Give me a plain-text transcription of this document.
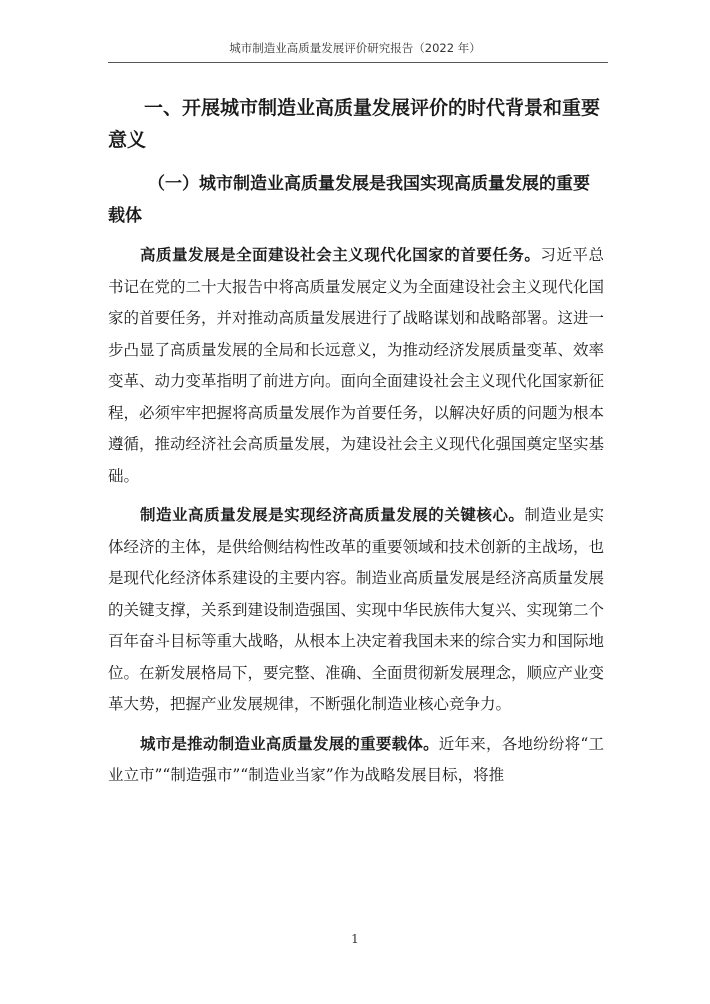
城市制造业高质量发展评价研究报告（2022 年）
一、开展城市制造业高质量发展评价的时代背景和重要意义
（一）城市制造业高质量发展是我国实现高质量发展的重要载体

高质量发展是全面建设社会主义现代化国家的首要任务。习近平总书记在党的二十大报告中将高质量发展定义为全面建设社会主义现代化国家的首要任务，并对推动高质量发展进行了战略谋划和战略部署。这进一步凸显了高质量发展的全局和长远意义，为推动经济发展质量变革、效率变革、动力变革指明了前进方向。面向全面建设社会主义现代化国家新征程，必须牢牢把握将高质量发展作为首要任务，以解决好质的问题为根本遵循，推动经济社会高质量发展，为建设社会主义现代化强国奠定坚实基础。

制造业高质量发展是实现经济高质量发展的关键核心。制造业是实体经济的主体，是供给侧结构性改革的重要领域和技术创新的主战场，也是现代化经济体系建设的主要内容。制造业高质量发展是经济高质量发展的关键支撑，关系到建设制造强国、实现中华民族伟大复兴、实现第二个百年奋斗目标等重大战略，从根本上决定着我国未来的综合实力和国际地位。在新发展格局下，要完整、准确、全面贯彻新发展理念，顺应产业变革大势，把握产业发展规律，不断强化制造业核心竞争力。

城市是推动制造业高质量发展的重要载体。近年来，各地纷纷将“工业立市”“制造强市”“制造业当家”作为战略发展目标，将推

1
